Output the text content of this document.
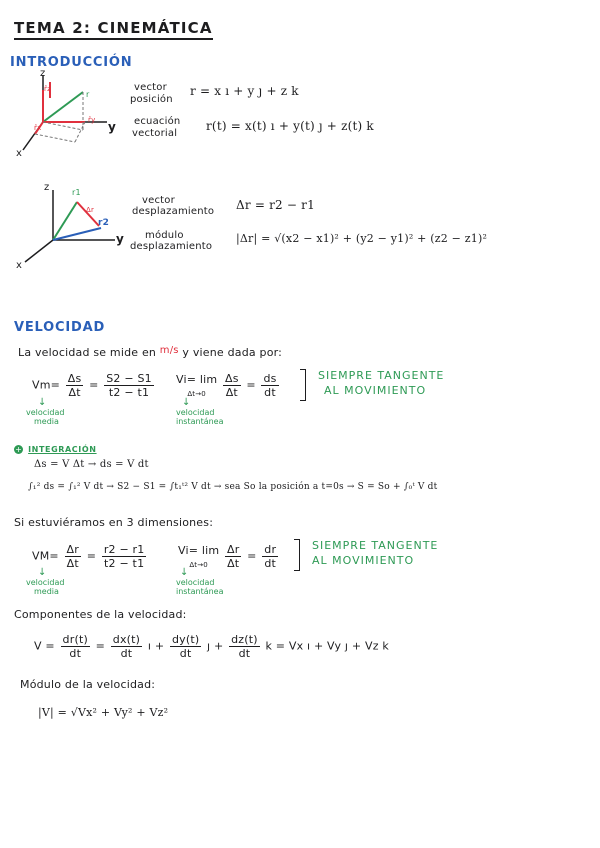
TEMA 2: CINEMÁTICA
INTRODUCCIÓN
z
y
x
r
r̂z
r̂x
r̂y
vector
posición
r = x ı + y ȷ + z k
ecuación
vectorial
r(t) = x(t) ı + y(t) ȷ + z(t) k
z
y
x
r1
r2
Δr
vector
desplazamiento Δr = r2 − r1
módulo
desplazamiento
|Δr| = √(x2 − x1)² + (y2 − y1)² + (z2 − z1)²
VELOCIDAD
La velocidad se mide en m/s y viene dada por:
$Vm= \frac{\Delta s}{\Delta t} = \frac{S2 - S1}{t2 - t1}$
↓
velocidad
media
Vi= lim
$\Delta t\to 0 \frac{\Delta s}{\Delta t} = \frac{ds}{dt}$
↓
velocidad
instantánea
SIEMPRE TANGENTE
AL MOVIMIENTO
+ INTEGRACIÓN
Δs = V Δt → ds = V dt
∫₁² ds = ∫₁² V dt → S2 − S1 = ∫t₁ᵗ² V dt → sea So la posición a t=0s → S = So + ∫₀ᵗ V dt
Si estuviéramos en 3 dimensiones:
$VM= \frac{\Delta r}{\Delta t} = \frac{r2 - r1}{t2 - t1}$
↓
velocidad
media
Vi= lim
$\Delta t\to 0 \frac{\Delta r}{\Delta t} = \frac{dr}{dt}$
↓
velocidad
instantánea
SIEMPRE TANGENTE
AL MOVIMIENTO
Componentes de la velocidad:
$V = \frac{dr(t)}{dt} = \frac{dx(t)}{dt}$ ı + $\frac{dy(t)}{dt}$ ȷ + $\frac{dz(t)}{dt}$ k = Vx ı + Vy ȷ + Vz k
Módulo de la velocidad:
|V| = √Vx² + Vy² + Vz²
